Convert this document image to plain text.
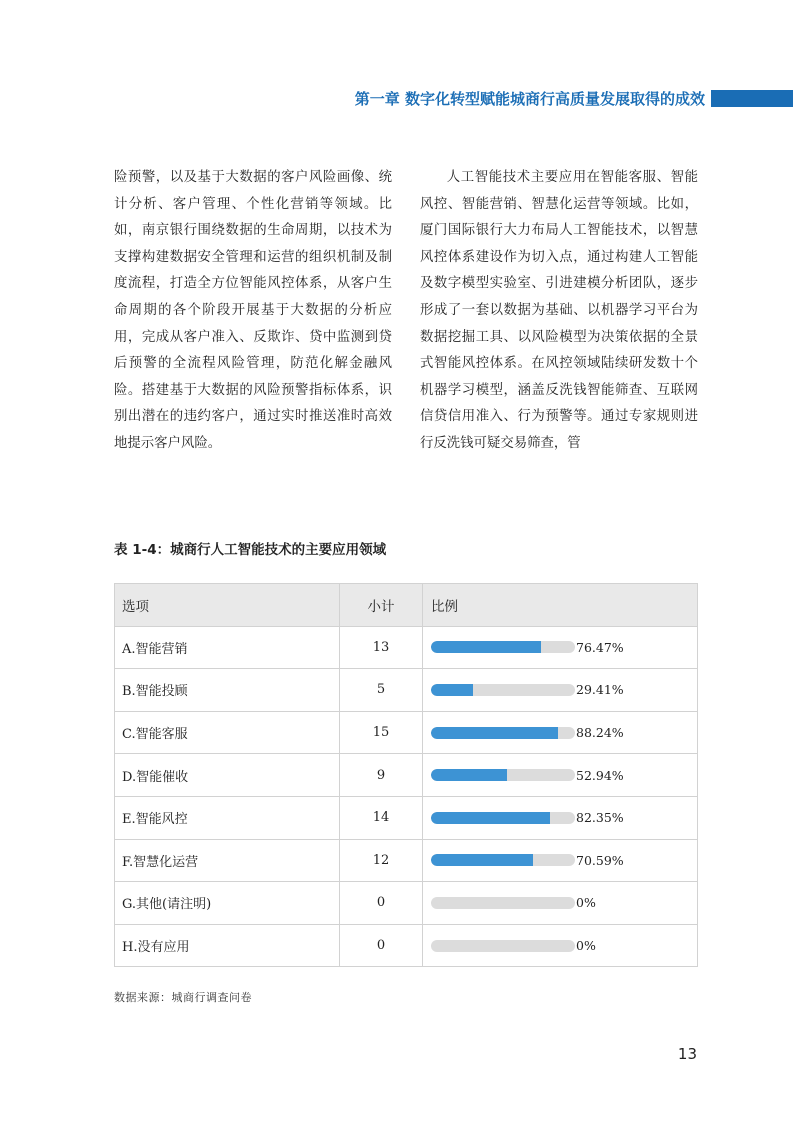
第一章 数字化转型赋能城商行高质量发展取得的成效

险预警，以及基于大数据的客户风险画像、统计分析、客户管理、个性化营销等领域。比如，南京银行围绕数据的生命周期，以技术为支撑构建数据安全管理和运营的组织机制及制度流程，打造全方位智能风控体系，从客户生命周期的各个阶段开展基于大数据的分析应用，完成从客户准入、反欺诈、贷中监测到贷后预警的全流程风险管理，防范化解金融风险。搭建基于大数据的风险预警指标体系，识别出潜在的违约客户，通过实时推送准时高效地提示客户风险。

人工智能技术主要应用在智能客服、智能风控、智能营销、智慧化运营等领域。比如，厦门国际银行大力布局人工智能技术，以智慧风控体系建设作为切入点，通过构建人工智能及数字模型实验室、引进建模分析团队，逐步形成了一套以数据为基础、以机器学习平台为数据挖掘工具、以风险模型为决策依据的全景式智能风控体系。在风控领域陆续研发数十个机器学习模型，涵盖反洗钱智能筛查、互联网信贷信用准入、行为预警等。通过专家规则进行反洗钱可疑交易筛查，管

表 1-4：城商行人工智能技术的主要应用领域
选项	小计	比例
A.智能营销	13	76.47%

B.智能投顾	5	29.41%

C.智能客服	15	88.24%

D.智能催收	9	52.94%

E.智能风控	14	82.35%

F.智慧化运营	12	70.59%

G.其他(请注明)	0	0%

H.没有应用	0	0%
数据来源：城商行调查问卷
13
